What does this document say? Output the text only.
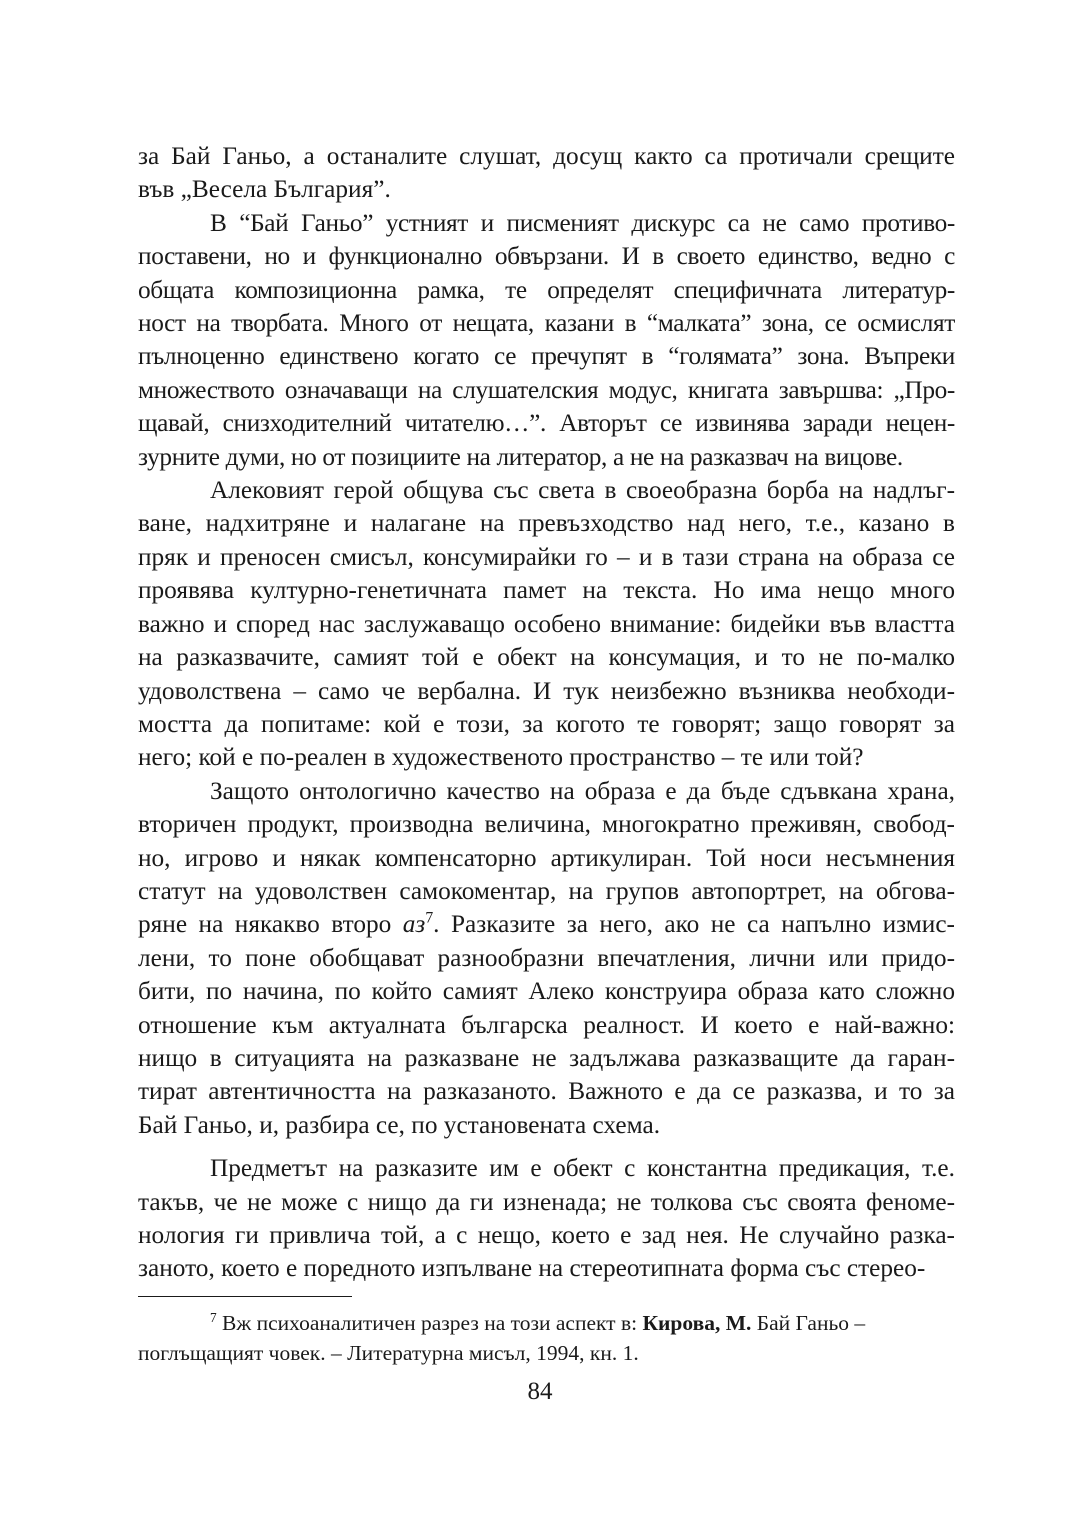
за Бай Ганьо, а останалите слушат, досущ както са протичали срещите
във „Весела България”.

В “Бай Ганьо” устният и писменият дискурс са не само противо-
поставени, но и функционално обвързани. И в своето единство, ведно с
общата композиционна рамка, те определят специфичната литератур-
ност на творбата. Много от нещата, казани в “малката” зона, се осмислят
пълноценно единствено когато се пречупят в “голямата” зона. Въпреки
множеството означаващи на слушателския модус, книгата завършва: „Про-
щавай, снизходителний читателю…”. Авторът се извинява заради нецен-
зурните думи, но от позициите на литератор, а не на разказвач на вицове.

Алековият герой общува със света в своеобразна борба на надлъг-
ване, надхитряне и налагане на превъзходство над него, т.е., казано в
пряк и преносен смисъл, консумирайки го – и в тази страна на образа се
проявява културно-генетичната памет на текста. Но има нещо много
важно и според нас заслужаващо особено внимание: бидейки във властта
на разказвачите, самият той е обект на консумация, и то не по-малко
удоволствена – само че вербална. И тук неизбежно възниква необходи-
мостта да попитаме: кой е този, за когото те говорят; защо говорят за
него; кой е по-реален в художественото пространство – те или той?

Защото онтологично качество на образа е да бъде сдъвкана храна,
вторичен продукт, производна величина, многократно преживян, свобод-
но, игрово и някак компенсаторно артикулиран. Той носи несъмнения
статут на удоволствен самокоментар, на групов автопортрет, на обгова-
ряне на някакво второ $аз^7$. Разказите за него, ако не са напълно измис-
лени, то поне обобщават разнообразни впечатления, лични или придо-
бити, по начина, по който самият Алеко конструира образа като сложно
отношение към актуалната българска реалност. И което е най-важно:
нищо в ситуацията на разказване не задължава разказващите да гаран-
тират автентичността на разказаното. Важното е да се разказва, и то за
Бай Ганьо, и, разбира се, по установената схема.

Предметът на разказите им е обект с константна предикация, т.е.
такъв, че не може с нищо да ги изненада; не толкова със своята феноме-
нология ги привлича той, а с нещо, което е зад нея. Не случайно разка-
заното, което е поредното изпълване на стереотипната форма със стерео-

$^7$ Вж психоаналитичен разрез на този аспект в: Кирова, М. Бай Ганьо –
поглъщащият човек. – Литературна мисъл, 1994, кн. 1.
84
